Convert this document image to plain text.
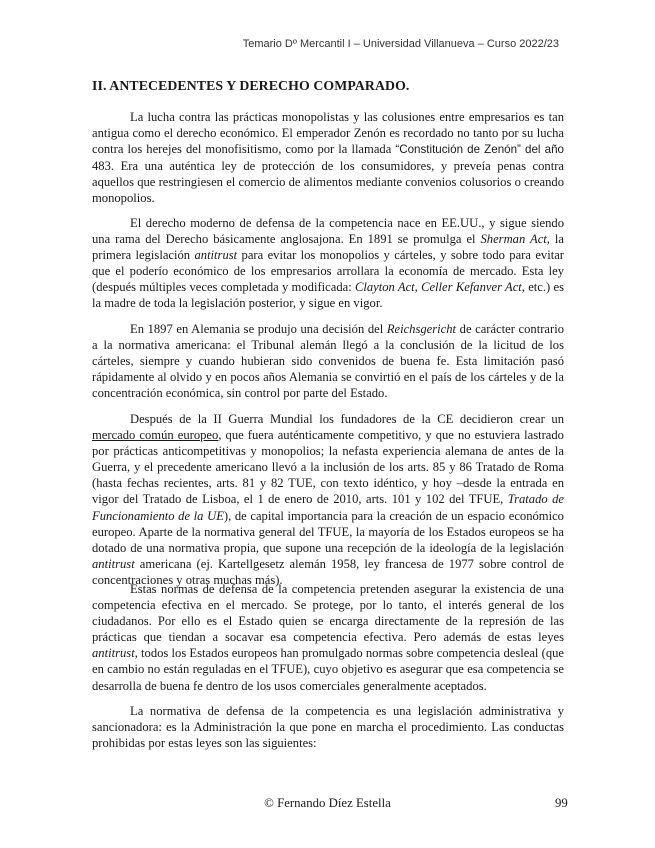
Temario Dº Mercantil I – Universidad Villanueva – Curso 2022/23
II. ANTECEDENTES Y DERECHO COMPARADO.

La lucha contra las prácticas monopolistas y las colusiones entre empresarios es tan antigua como el derecho económico. El emperador Zenón es recordado no tanto por su lucha contra los herejes del monofisitismo, como por la llamada “Constitución de Zenón” del año 483. Era una auténtica ley de protección de los consumidores, y preveía penas contra aquellos que restringiesen el comercio de alimentos mediante convenios colusorios o creando monopolios.

El derecho moderno de defensa de la competencia nace en EE.UU., y sigue siendo una rama del Derecho básicamente anglosajona. En 1891 se promulga el Sherman Act, la primera legislación antitrust para evitar los monopolios y cárteles, y sobre todo para evitar que el poderío económico de los empresarios arrollara la economía de mercado. Esta ley (después múltiples veces completada y modificada: Clayton Act, Celler Kefanver Act, etc.) es la madre de toda la legislación posterior, y sigue en vigor.

En 1897 en Alemania se produjo una decisión del Reichsgericht de carácter contrario a la normativa americana: el Tribunal alemán llegó a la conclusión de la licitud de los cárteles, siempre y cuando hubieran sido convenidos de buena fe. Esta limitación pasó rápidamente al olvido y en pocos años Alemania se convirtió en el país de los cárteles y de la concentración económica, sin control por parte del Estado.

Después de la II Guerra Mundial los fundadores de la CE decidieron crear un mercado común europeo, que fuera auténticamente competitivo, y que no estuviera lastrado por prácticas anticompetitivas y monopolios; la nefasta experiencia alemana de antes de la Guerra, y el precedente americano llevó a la inclusión de los arts. 85 y 86 Tratado de Roma (hasta fechas recientes, arts. 81 y 82 TUE, con texto idéntico, y hoy –desde la entrada en vigor del Tratado de Lisboa, el 1 de enero de 2010, arts. 101 y 102 del TFUE, Tratado de Funcionamiento de la UE), de capital importancia para la creación de un espacio económico europeo. Aparte de la normativa general del TFUE, la mayoría de los Estados europeos se ha dotado de una normativa propia, que supone una recepción de la ideología de la legislación antitrust americana (ej. Kartellgesetz alemán 1958, ley francesa de 1977 sobre control de concentraciones y otras muchas más).

Estas normas de defensa de la competencia pretenden asegurar la existencia de una competencia efectiva en el mercado. Se protege, por lo tanto, el interés general de los ciudadanos. Por ello es el Estado quien se encarga directamente de la represión de las prácticas que tiendan a socavar esa competencia efectiva. Pero además de estas leyes antitrust, todos los Estados europeos han promulgado normas sobre competencia desleal (que en cambio no están reguladas en el TFUE), cuyo objetivo es asegurar que esa competencia se desarrolla de buena fe dentro de los usos comerciales generalmente aceptados.

La normativa de defensa de la competencia es una legislación administrativa y sancionadora: es la Administración la que pone en marcha el procedimiento. Las conductas prohibidas por estas leyes son las siguientes:

© Fernando Díez Estella	99
